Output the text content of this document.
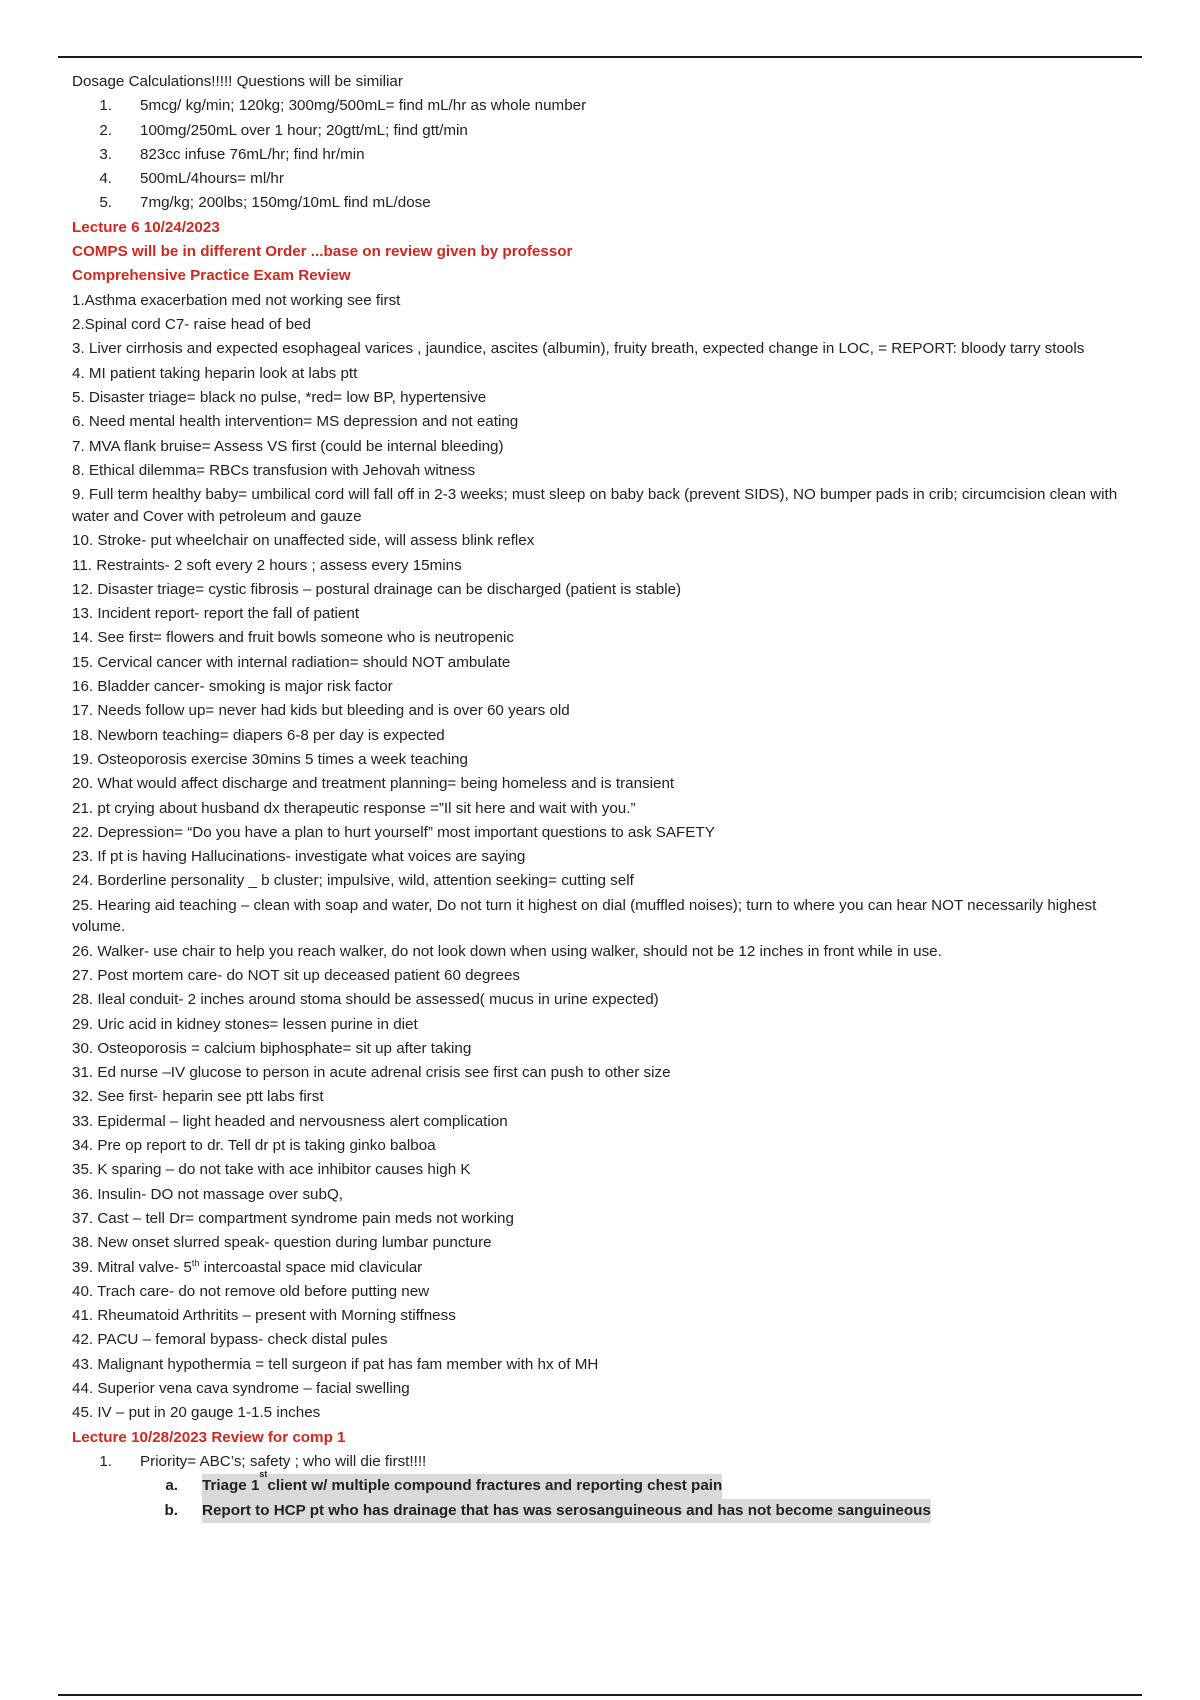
Dosage Calculations!!!!! Questions will be similiar

1.	5mcg/ kg/min; 120kg; 300mg/500mL= find mL/hr as whole number
2.	100mg/250mL over 1 hour; 20gtt/mL; find gtt/min
3.	823cc infuse 76mL/hr; find hr/min
4.	500mL/4hours= ml/hr
5.	7mg/kg; 200lbs; 150mg/10mL find mL/dose

Lecture 6 10/24/2023

COMPS will be in different Order ...base on review given by professor

Comprehensive Practice Exam Review

1.Asthma exacerbation med not working see first

2.Spinal cord C7- raise head of bed

3. Liver cirrhosis and expected esophageal varices , jaundice, ascites (albumin), fruity breath, expected change in LOC, = REPORT: bloody tarry stools

4. MI patient taking heparin look at labs ptt

5. Disaster triage= black no pulse, *red= low BP, hypertensive

6. Need mental health intervention= MS depression and not eating

7. MVA flank bruise= Assess VS first (could be internal bleeding)

8. Ethical dilemma= RBCs transfusion with Jehovah witness

9. Full term healthy baby= umbilical cord will fall off in 2-3 weeks; must sleep on baby back (prevent SIDS), NO bumper pads in crib; circumcision clean with water and Cover with petroleum and gauze

10. Stroke- put wheelchair on unaffected side, will assess blink reflex

11. Restraints- 2 soft every 2 hours ; assess every 15mins

12. Disaster triage= cystic fibrosis – postural drainage can be discharged (patient is stable)

13. Incident report- report the fall of patient

14. See first= flowers and fruit bowls someone who is neutropenic

15. Cervical cancer with internal radiation= should NOT ambulate

16. Bladder cancer- smoking is major risk factor

17. Needs follow up= never had kids but bleeding and is over 60 years old

18. Newborn teaching= diapers 6-8 per day is expected

19. Osteoporosis exercise 30mins 5 times a week teaching

20. What would affect discharge and treatment planning= being homeless and is transient

21. pt crying about husband dx therapeutic response =”Il sit here and wait with you.”

22. Depression= “Do you have a plan to hurt yourself” most important questions to ask SAFETY

23. If pt is having Hallucinations- investigate what voices are saying

24. Borderline personality _ b cluster; impulsive, wild, attention seeking= cutting self

25. Hearing aid teaching – clean with soap and water, Do not turn it highest on dial (muffled noises); turn to where you can hear NOT necessarily highest volume.

26. Walker- use chair to help you reach walker, do not look down when using walker, should not be 12 inches in front while in use.

27. Post mortem care- do NOT sit up deceased patient 60 degrees

28. Ileal conduit- 2 inches around stoma should be assessed( mucus in urine expected)

29. Uric acid in kidney stones= lessen purine in diet

30. Osteoporosis = calcium biphosphate= sit up after taking

31. Ed nurse –IV glucose to person in acute adrenal crisis see first can push to other size

32. See first- heparin see ptt labs first

33. Epidermal – light headed and nervousness alert complication

34. Pre op report to dr. Tell dr pt is taking ginko balboa

35. K sparing – do not take with ace inhibitor causes high K

36. Insulin- DO not massage over subQ,

37. Cast – tell Dr= compartment syndrome pain meds not working

38. New onset slurred speak- question during lumbar puncture

39. Mitral valve- 5th intercoastal space mid clavicular

40. Trach care- do not remove old before putting new

41. Rheumatoid Arthritits – present with Morning stiffness

42. PACU – femoral bypass- check distal pules

43. Malignant hypothermia = tell surgeon if pat has fam member with hx of MH

44. Superior vena cava syndrome – facial swelling

45. IV – put in 20 gauge 1-1.5 inches

Lecture 10/28/2023 Review for comp 1

1.	Priority= ABC’s; safety ; who will die first!!!!
a.	Triage 1
st
client w/ multiple compound fractures and reporting chest pain
b.	Report to HCP pt who has drainage that has was serosanguineous and has not become sanguineous
